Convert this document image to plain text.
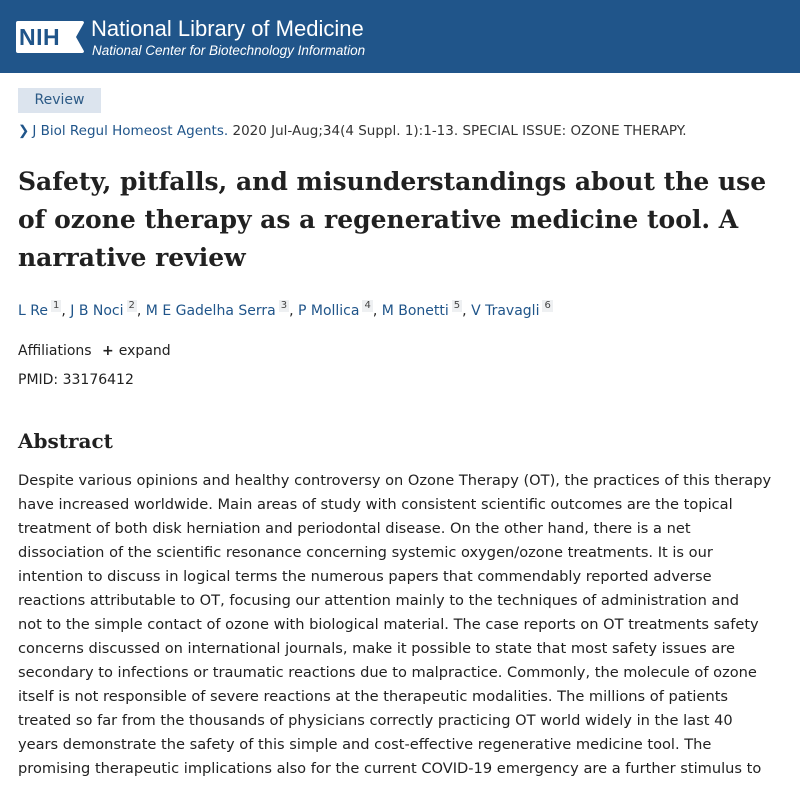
NIH National Library of Medicine
National Center for Biotechnology Information
Review
❯ J Biol Regul Homeost Agents. 2020 Jul-Aug;34(4 Suppl. 1):1-13. SPECIAL ISSUE: OZONE THERAPY.
Safety, pitfalls, and misunderstandings about the use of ozone therapy as a regenerative medicine tool. A narrative review
L Re 1 , J B Noci 2 , M E Gadelha Serra 3 , P Mollica 4 , M Bonetti 5 , V Travagli 6
Affiliations + expand
PMID: 33176412
Abstract
Despite various opinions and healthy controversy on Ozone Therapy (OT), the practices of this therapy
have increased worldwide. Main areas of study with consistent scientific outcomes are the topical
treatment of both disk herniation and periodontal disease. On the other hand, there is a net
dissociation of the scientific resonance concerning systemic oxygen/ozone treatments. It is our
intention to discuss in logical terms the numerous papers that commendably reported adverse
reactions attributable to OT, focusing our attention mainly to the techniques of administration and
not to the simple contact of ozone with biological material. The case reports on OT treatments safety
concerns discussed on international journals, make it possible to state that most safety issues are
secondary to infections or traumatic reactions due to malpractice. Commonly, the molecule of ozone
itself is not responsible of severe reactions at the therapeutic modalities. The millions of patients
treated so far from the thousands of physicians correctly practicing OT world widely in the last 40
years demonstrate the safety of this simple and cost-effective regenerative medicine tool. The
promising therapeutic implications also for the current COVID-19 emergency are a further stimulus to
